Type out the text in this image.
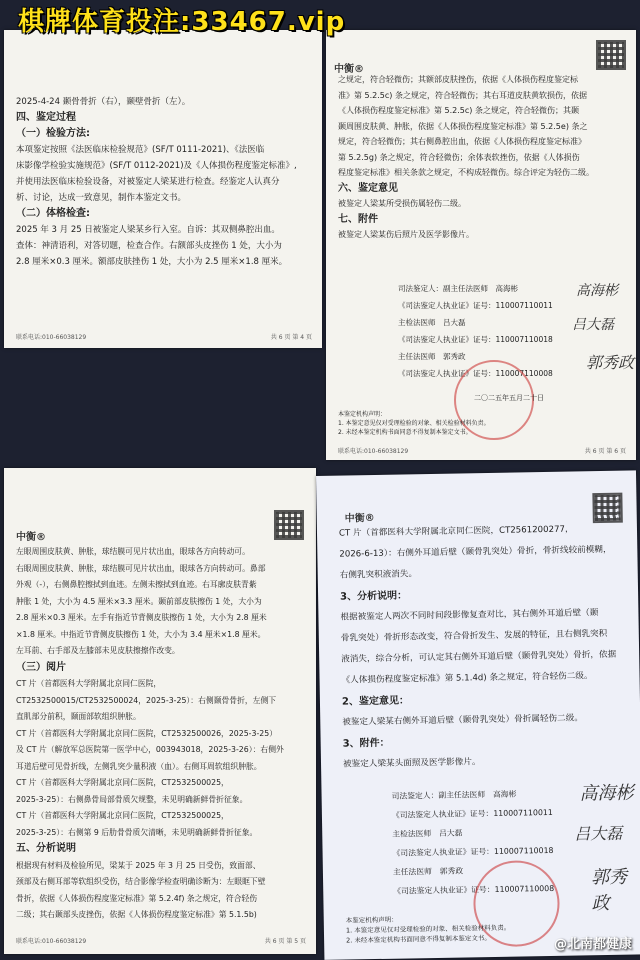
棋牌体育投注:33467.vip
2025-4-24 颞骨骨折（右），颞壁骨折（左）。
四、鉴定过程
（一）检验方法:
本项鉴定按照《法医临床检验规范》(SF/T 0111-2021)、《法医临
床影像学检验实施规范》(SF/T 0112-2021)及《人体损伤程度鉴定标准》,
并使用法医临床检验设备，对被鉴定人梁某进行检查。经鉴定人认真分
析、讨论，达成一致意见，制作本鉴定文书。
（二）体格检查:
2025 年 3 月 25 日被鉴定人梁某乡行入室。自诉：其双侧鼻腔出血。
查体：神清语利，对答切题，检查合作。右额部头皮挫伤 1 处，大小为
2.8 厘米×0.3 厘米。额部皮肤挫伤 1 处，大小为 2.5 厘米×1.8 厘米。
联系电话:010-66038129	共 6 页 第 4 页
中衡®
之规定，符合轻微伤；其额部皮肤挫伤，依据《人体损伤程度鉴定标
准》第 5.2.5c) 条之规定，符合轻微伤；其右耳道皮肤黄软损伤，依据
《人体损伤程度鉴定标准》第 5.2.5c) 条之规定，符合轻微伤；其颞
颞周围皮肤黄、肿胀，依据《人体损伤程度鉴定标准》第 5.2.5e) 条之
规定，符合轻微伤；其右侧鼻腔出血，依据《人体损伤程度鉴定标准》
第 5.2.5g) 条之规定，符合轻微伤；余体表软挫伤，依据《人体损伤
程度鉴定标准》相关条款之规定，不构成轻微伤。综合评定为轻伤二级。
六、鉴定意见
被鉴定人梁某所受损伤属轻伤二级。
七、附件
被鉴定人梁某伤后照片及医学影像片。
司法鉴定人：副主任法医师　高海彬
《司法鉴定人执业证》证号：110007110011
主检法医师　吕大磊
《司法鉴定人执业证》证号：110007110018
主任法医师　郭秀政
《司法鉴定人执业证》证号：110007110008
高海彬
吕大磊
郭秀政
二〇二五年五月二十日
本鉴定机构声明：
1. 本鉴定意见仅对受理检验的对象、相关检验材料负责。
2. 未经本鉴定机构书面同意不得复制本鉴定文书。
联系电话:010-66038129	共 6 页 第 6 页
中衡®
左眼周围皮肤黄、肿胀，球结膜可见片状出血，眼球各方向转动可。
右眼周围皮肤黄、肿胀，球结膜可见片状出血，眼球各方向转动可。鼻部
外观（-），右侧鼻腔擦拭到血迹。左侧未擦拭到血迹。右耳廓皮肤青紫
肿胀 1 处，大小为 4.5 厘米×3.3 厘米。颞前部皮肤擦伤 1 处，大小为
2.8 厘米×0.3 厘米。左手有指近节背侧皮肤擦伤 1 处，大小为 2.8 厘米
×1.8 厘米。中指近节背侧皮肤擦伤 1 处，大小为 3.4 厘米×1.8 厘米。
左耳前、右手部及左膝部未见皮肤擦擦作改变。
（三）阅片
CT 片（首都医科大学附属北京同仁医院，
CT2532500015/CT2532500024，2025-3-25）：右侧颞骨骨折，左侧下
直肌部分前积，颞面部软组织肿胀。
CT 片（首都医科大学附属北京同仁医院，CT2532500026，2025-3-25）
及 CT 片（解放军总医院第一医学中心，003943018，2025-3-26）：右侧外
耳道后壁可见骨折线，左侧乳突少量积液（血）。右侧耳周软组织肿胀。
CT 片（首都医科大学附属北京同仁医院，CT2532500025，
2025-3-25）：右侧鼻骨局部骨质欠规整，未见明确新鲜骨折征象。
CT 片（首都医科大学附属北京同仁医院，CT2532500025，
2025-3-25）：右侧第 9 后肋骨骨质欠清晰，未见明确新鲜骨折征象。
五、分析说明
根据现有材料及检验所见，梁某于 2025 年 3 月 25 日受伤，致面部、
颈部及右侧耳部等软组织受伤，结合影像学检查明确诊断为：左眼眶下壁
骨折，依据《人体损伤程度鉴定标准》第 5.2.4f) 条之规定，符合轻伤
二级；其右颞部头皮挫伤，依据《人体损伤程度鉴定标准》第 5.1.5b)
联系电话:010-66038129	共 6 页 第 5 页
中衡®
CT 片（首都医科大学附属北京同仁医院，CT2561200277，
2026-6-13）：右侧外耳道后壁（颞骨乳突处）骨折，骨折线较前模糊，
右侧乳突积液消失。
3、分析说明：
根据被鉴定人两次不同时间段影像复查对比，其右侧外耳道后壁（颞
骨乳突处）骨折形态改变，符合骨折发生、发展的特征，且右侧乳突积
液消失，综合分析，可认定其右侧外耳道后壁（颞骨乳突处）骨折，依据
《人体损伤程度鉴定标准》第 5.1.4d) 条之规定，符合轻伤二级。
2、鉴定意见：
被鉴定人梁某右侧外耳道后壁（颞骨乳突处）骨折属轻伤二级。
3、附件：
被鉴定人梁某头面照及医学影像片。
司法鉴定人：副主任法医师　高海彬
《司法鉴定人执业证》证号：110007110011
主检法医师　吕大磊
《司法鉴定人执业证》证号：110007110018
主任法医师　郭秀政
《司法鉴定人执业证》证号：110007110008
高海彬
吕大磊
郭秀政
本鉴定机构声明：
1. 本鉴定意见仅对受理检验的对象、相关检验材料负责。
2. 未经本鉴定机构书面同意不得复制本鉴定文书。	@北南都健康
